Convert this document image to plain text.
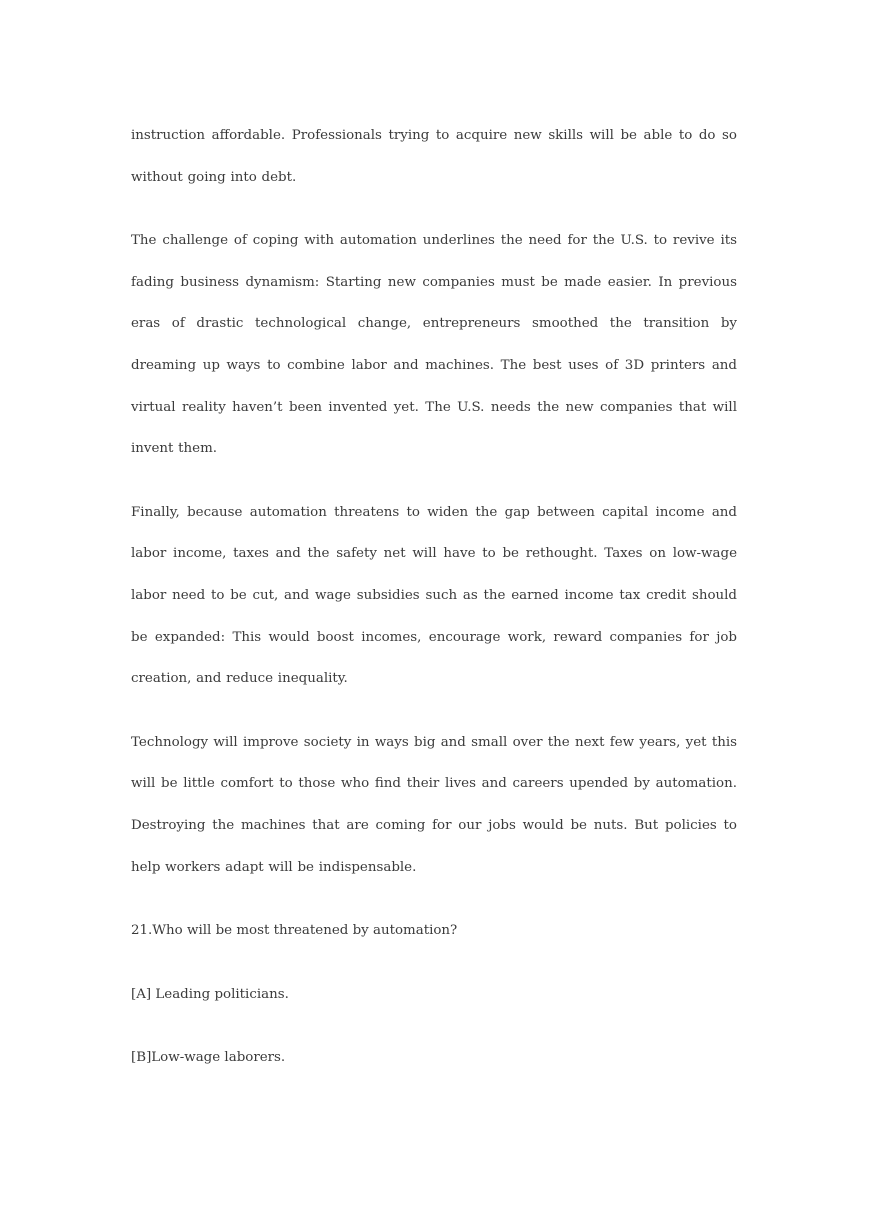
instruction affordable. Professionals trying to acquire new skills will be able to do so without going into debt.

The challenge of coping with automation underlines the need for the U.S. to revive its fading business dynamism: Starting new companies must be made easier. In previous eras of drastic technological change, entrepreneurs smoothed the transition by dreaming up ways to combine labor and machines. The best uses of 3D printers and virtual reality haven’t been invented yet. The U.S. needs the new companies that will invent them.

Finally, because automation threatens to widen the gap between capital income and labor income, taxes and the safety net will have to be rethought. Taxes on low-wage labor need to be cut, and wage subsidies such as the earned income tax credit should be expanded: This would boost incomes, encourage work, reward companies for job creation, and reduce inequality.

Technology will improve society in ways big and small over the next few years, yet this will be little comfort to those who find their lives and careers upended by automation. Destroying the machines that are coming for our jobs would be nuts. But policies to help workers adapt will be indispensable.

21.Who will be most threatened by automation?

[A] Leading politicians.

[B]Low-wage laborers.
